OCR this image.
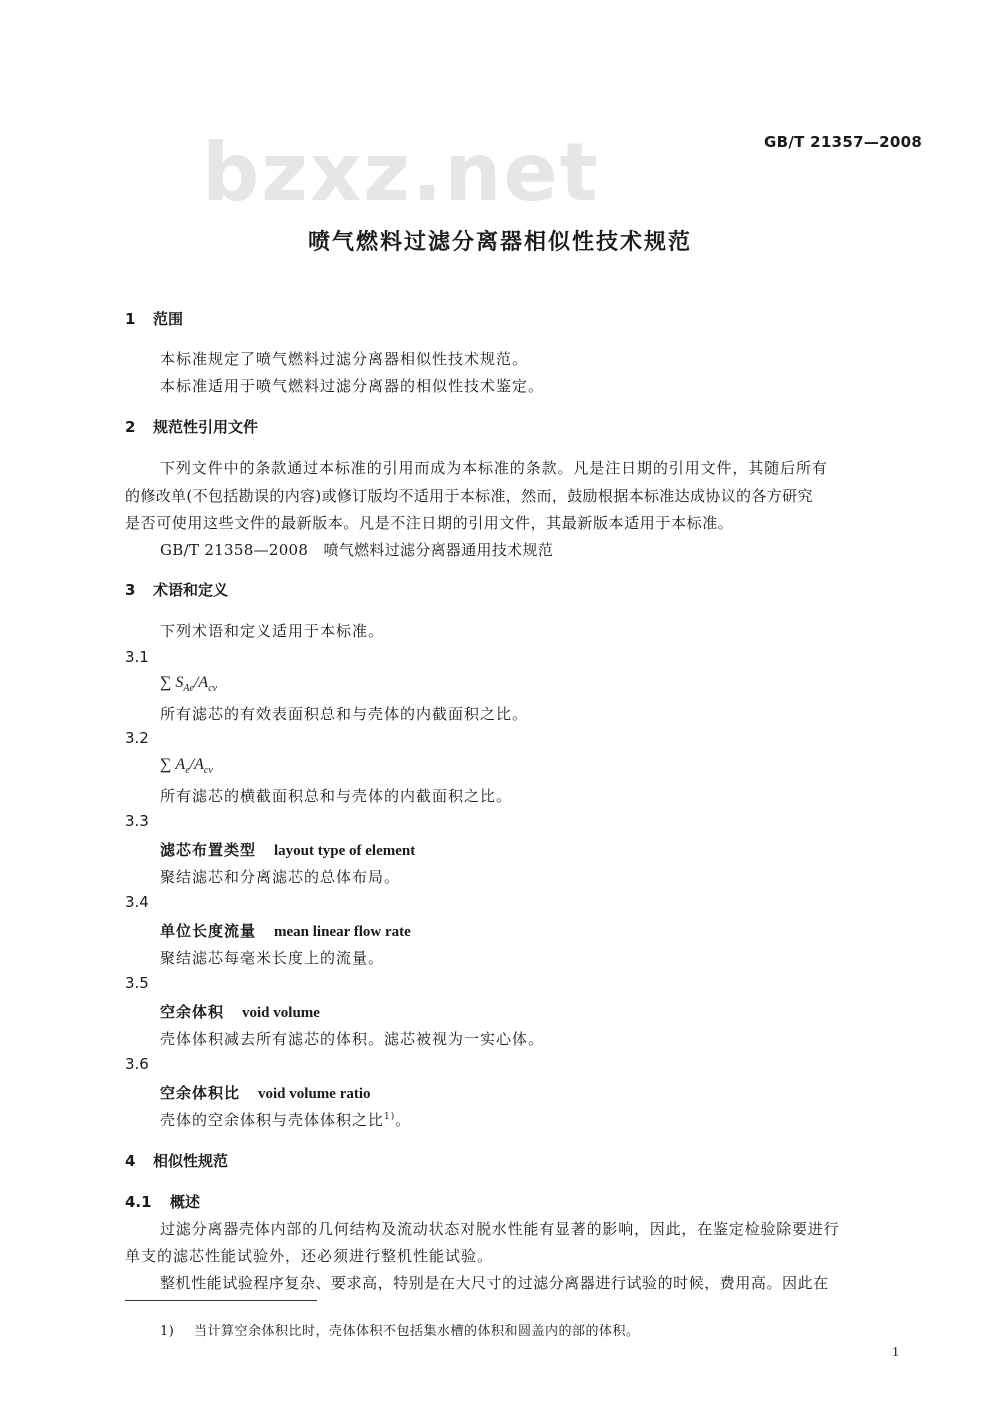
bzxz.net	GB/T 21357—2008
喷气燃料过滤分离器相似性技术规范
1 范围
本标准规定了喷气燃料过滤分离器相似性技术规范。
本标准适用于喷气燃料过滤分离器的相似性技术鉴定。
2 规范性引用文件
下列文件中的条款通过本标准的引用而成为本标准的条款。凡是注日期的引用文件，其随后所有
的修改单(不包括勘误的内容)或修订版均不适用于本标准，然而，鼓励根据本标准达成协议的各方研究
是否可使用这些文件的最新版本。凡是不注日期的引用文件，其最新版本适用于本标准。
GB/T 21358—2008　喷气燃料过滤分离器通用技术规范
3 术语和定义
下列术语和定义适用于本标准。
3.1
∑ $S_{Ae}/A_{cv}$
所有滤芯的有效表面积总和与壳体的内截面积之比。
3.2
∑ $A_e/A_{cv}$
所有滤芯的横截面积总和与壳体的内截面积之比。
3.3
滤芯布置类型 layout type of element
聚结滤芯和分离滤芯的总体布局。
3.4
单位长度流量 mean linear flow rate
聚结滤芯每毫米长度上的流量。
3.5
空余体积 void volume
壳体体积减去所有滤芯的体积。滤芯被视为一实心体。
3.6
空余体积比 void volume ratio
壳体的空余体积与壳体体积之比$^{1)}$。
4 相似性规范
4.1 概述
过滤分离器壳体内部的几何结构及流动状态对脱水性能有显著的影响，因此，在鉴定检验除要进行
单支的滤芯性能试验外，还必须进行整机性能试验。
整机性能试验程序复杂、要求高，特别是在大尺寸的过滤分离器进行试验的时候，费用高。因此在
1) 当计算空余体积比时，壳体体积不包括集水槽的体积和圆盖内的部的体积。
1
